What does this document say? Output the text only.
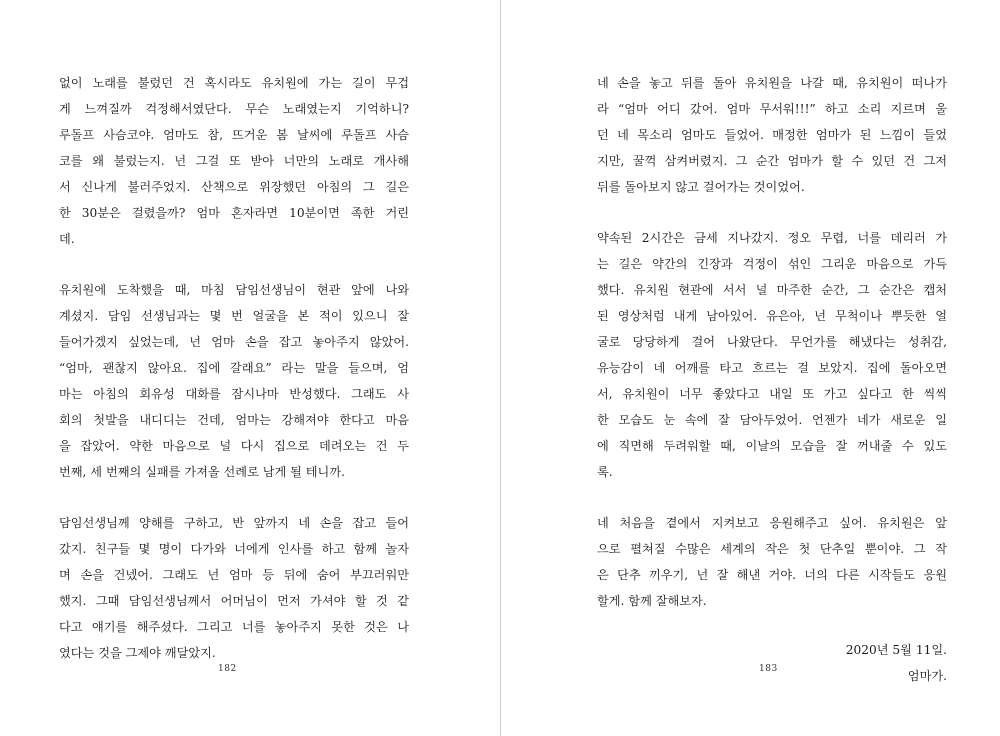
없이 노래를 불렀던 건 혹시라도 유치원에 가는 길이 무겁
게 느껴질까 걱정해서였단다. 무슨 노래였는지 기억하니?
루돌프 사슴코야. 엄마도 참, 뜨거운 봄 날씨에 루돌프 사슴
코를 왜 불렀는지. 넌 그걸 또 받아 너만의 노래로 개사해
서 신나게 불러주었지. 산책으로 위장했던 아침의 그 길은
한 30분은 걸렸을까? 엄마 혼자라면 10분이면 족한 거린
데.
유치원에 도착했을 때, 마침 담임선생님이 현관 앞에 나와
계셨지. 담임 선생님과는 몇 번 얼굴을 본 적이 있으니 잘
들어가겠지 싶었는데, 넌 엄마 손을 잡고 놓아주지 않았어.
“엄마, 괜찮지 않아요. 집에 갈래요” 라는 말을 들으며, 엄
마는 아침의 회유성 대화를 잠시나마 반성했다. 그래도 사
회의 첫발을 내디디는 건데, 엄마는 강해져야 한다고 마음
을 잡았어. 약한 마음으로 널 다시 집으로 데려오는 건 두
번째, 세 번째의 실패를 가져올 선례로 남게 될 테니까.
담임선생님께 양해를 구하고, 반 앞까지 네 손을 잡고 들어
갔지. 친구들 몇 명이 다가와 너에게 인사를 하고 함께 놀자
며 손을 건넸어. 그래도 넌 엄마 등 뒤에 숨어 부끄러워만
했지. 그때 담임선생님께서 어머님이 먼저 가셔야 할 것 같
다고 얘기를 해주셨다. 그리고 너를 놓아주지 못한 것은 나
였다는 것을 그제야 깨달았지.
182
네 손을 놓고 뒤를 돌아 유치원을 나갈 때, 유치원이 떠나가
라 “엄마 어디 갔어. 엄마 무서워!!!” 하고 소리 지르며 울
던 네 목소리 엄마도 들었어. 매정한 엄마가 된 느낌이 들었
지만, 꿀꺽 삼켜버렸지. 그 순간 엄마가 할 수 있던 건 그저
뒤를 돌아보지 않고 걸어가는 것이었어.
약속된 2시간은 금세 지나갔지. 정오 무렵, 너를 데리러 가
는 길은 약간의 긴장과 걱정이 섞인 그리운 마음으로 가득
했다. 유치원 현관에 서서 널 마주한 순간, 그 순간은 캡처
된 영상처럼 내게 남아있어. 유은아, 넌 무척이나 뿌듯한 얼
굴로 당당하게 걸어 나왔단다. 무언가를 해냈다는 성취감,
유능감이 네 어깨를 타고 흐르는 걸 보았지. 집에 돌아오면
서, 유치원이 너무 좋았다고 내일 또 가고 싶다고 한 씩씩
한 모습도 눈 속에 잘 담아두었어. 언젠가 네가 새로운 일
에 직면해 두려워할 때, 이날의 모습을 잘 꺼내줄 수 있도
록.
네 처음을 곁에서 지켜보고 응원해주고 싶어. 유치원은 앞
으로 펼쳐질 수많은 세계의 작은 첫 단추일 뿐이야. 그 작
은 단추 끼우기, 넌 잘 해낸 거야. 너의 다른 시작들도 응원
할게. 함께 잘해보자.
2020년 5월 11일.
엄마가.
183
